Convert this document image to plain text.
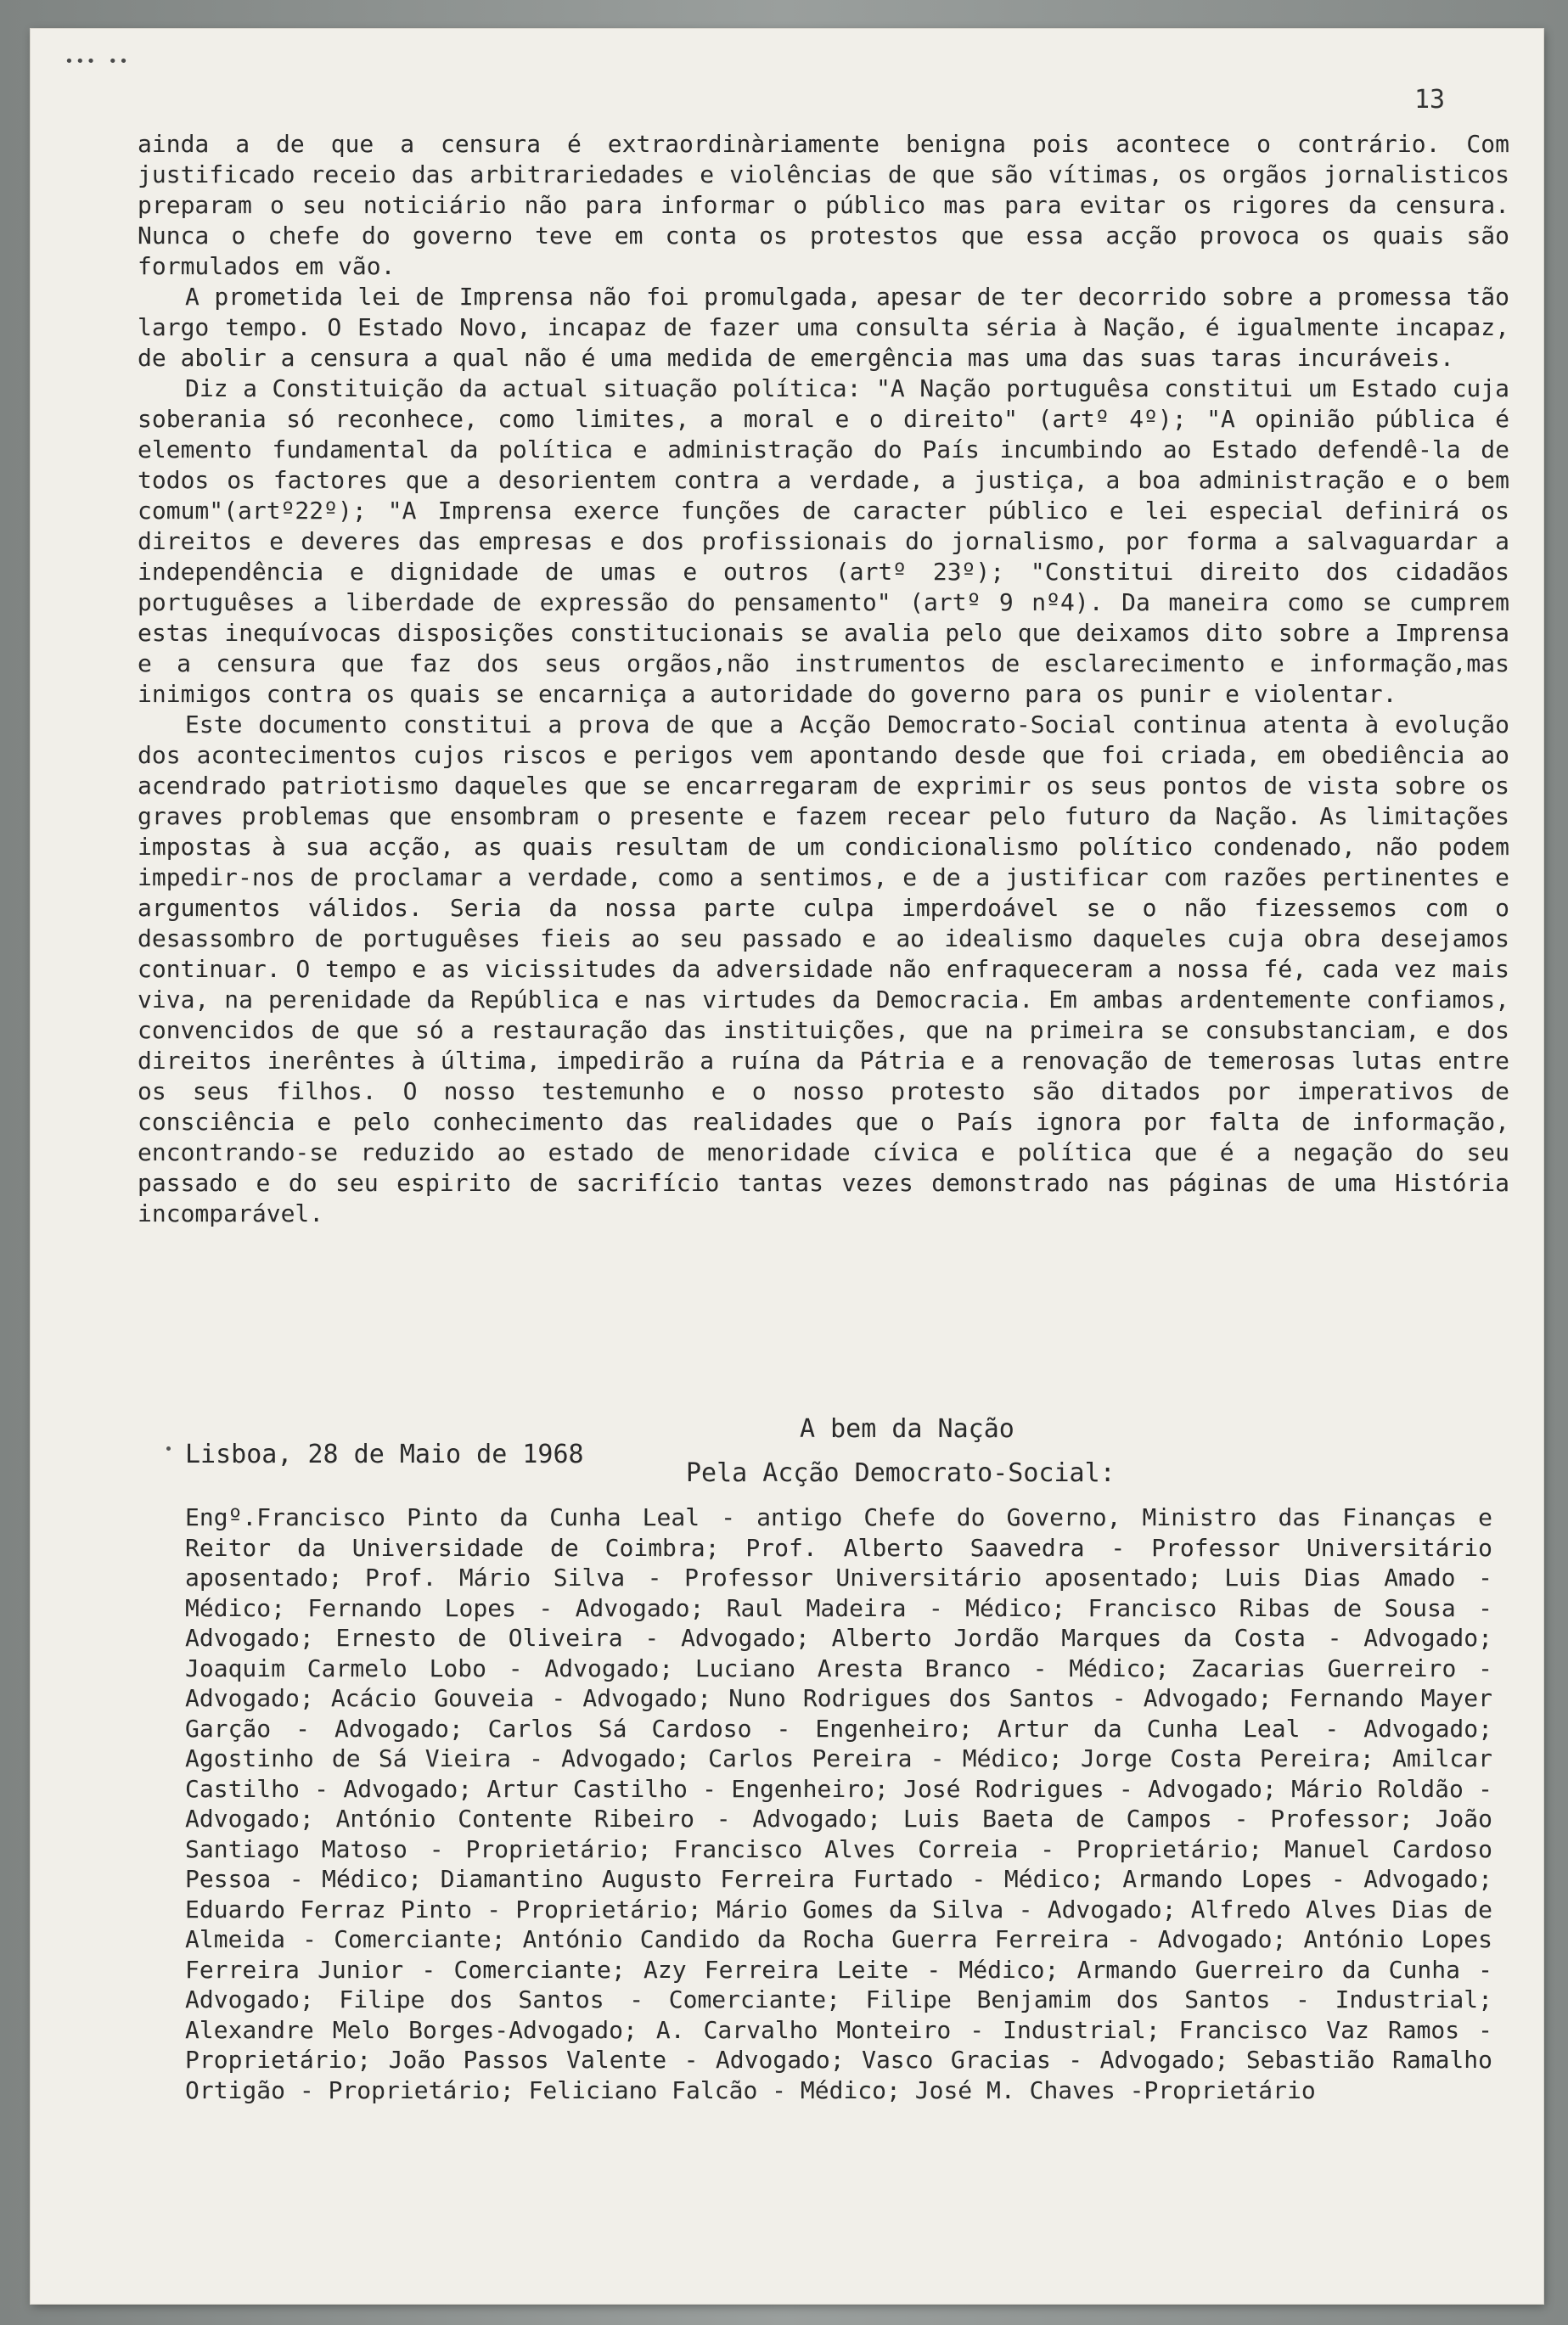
••• ••
13

ainda a de que a censura é extraordinàriamente benigna pois acontece o contrário. Com justificado receio das arbitrariedades e violências de que são vítimas, os orgãos jornalisticos preparam o seu noticiário não para informar o público mas para evitar os rigores da censura. Nunca o chefe do governo teve em conta os protestos que essa acção provoca os quais são formulados em vão.

A prometida lei de Imprensa não foi promulgada, apesar de ter decorrido sobre a promessa tão largo tempo. O Estado Novo, incapaz de fazer uma consulta séria à Nação, é igualmente incapaz, de abolir a censura a qual não é uma medida de emergência mas uma das suas taras incuráveis.

Diz a Constituição da actual situação política: "A Nação portuguêsa constitui um Estado cuja soberania só reconhece, como limites, a moral e o direito" (artº 4º); "A opinião pública é elemento fundamental da política e administração do País incumbindo ao Estado defendê-la de todos os factores que a desorientem contra a verdade, a justiça, a boa administração e o bem comum"(artº22º); "A Imprensa exerce funções de caracter público e lei especial definirá os direitos e deveres das empresas e dos profissionais do jornalismo, por forma a salvaguardar a independência e dignidade de umas e outros (artº 23º); "Constitui direito dos cidadãos portuguêses a liberdade de expressão do pensamento" (artº 9 nº4). Da maneira como se cumprem estas inequívocas disposições constitucionais se avalia pelo que deixamos dito sobre a Imprensa e a censura que faz dos seus orgãos,não instrumentos de esclarecimento e informação,mas inimigos contra os quais se encarniça a autoridade do governo para os punir e violentar.

Este documento constitui a prova de que a Acção Democrato-Social continua atenta à evolução dos acontecimentos cujos riscos e perigos vem apontando desde que foi criada, em obediência ao acendrado patriotismo daqueles que se encarregaram de exprimir os seus pontos de vista sobre os graves problemas que ensombram o presente e fazem recear pelo futuro da Nação. As limitações impostas à sua acção, as quais resultam de um condicionalismo político condenado, não podem impedir-nos de proclamar a verdade, como a sentimos, e de a justificar com razões pertinentes e argumentos válidos. Seria da nossa parte culpa imperdoável se o não fizessemos com o desassombro de portuguêses fieis ao seu passado e ao idealismo daqueles cuja obra desejamos continuar. O tempo e as vicissitudes da adversidade não enfraqueceram a nossa fé, cada vez mais viva, na perenidade da República e nas virtudes da Democracia. Em ambas ardentemente confiamos, convencidos de que só a restauração das instituições, que na primeira se consubstanciam, e dos direitos inerêntes à última, impedirão a ruína da Pátria e a renovação de temerosas lutas entre os seus filhos. O nosso testemunho e o nosso protesto são ditados por imperativos de consciência e pelo conhecimento das realidades que o País ignora por falta de informação, encontrando-se reduzido ao estado de menoridade cívica e política que é a negação do seu passado e do seu espirito de sacrifício tantas vezes demonstrado nas páginas de uma História incomparável.

A bem da Nação
Lisboa, 28 de Maio de 1968
Pela Acção Democrato-Social:
Engº.Francisco Pinto da Cunha Leal - antigo Chefe do Governo, Ministro das Finanças e Reitor da Universidade de Coimbra; Prof. Alberto Saavedra - Professor Universitário aposentado; Prof. Mário Silva - Professor Universitário aposentado; Luis Dias Amado - Médico; Fernando Lopes - Advogado; Raul Madeira - Médico; Francisco Ribas de Sousa - Advogado; Ernesto de Oliveira - Advogado; Alberto Jordão Marques da Costa - Advogado; Joaquim Carmelo Lobo - Advogado; Luciano Aresta Branco - Médico; Zacarias Guerreiro - Advogado; Acácio Gouveia - Advogado; Nuno Rodrigues dos Santos - Advogado; Fernando Mayer Garção - Advogado; Carlos Sá Cardoso - Engenheiro; Artur da Cunha Leal - Advogado; Agostinho de Sá Vieira - Advogado; Carlos Pereira - Médico; Jorge Costa Pereira; Amilcar Castilho - Advogado; Artur Castilho - Engenheiro; José Rodrigues - Advogado; Mário Roldão - Advogado; António Contente Ribeiro - Advogado; Luis Baeta de Campos - Professor; João Santiago Matoso - Proprietário; Francisco Alves Correia - Proprietário; Manuel Cardoso Pessoa - Médico; Diamantino Augusto Ferreira Furtado - Médico; Armando Lopes - Advogado; Eduardo Ferraz Pinto - Proprietário; Mário Gomes da Silva - Advogado; Alfredo Alves Dias de Almeida - Comerciante; António Candido da Rocha Guerra Ferreira - Advogado; António Lopes Ferreira Junior - Comerciante; Azy Ferreira Leite - Médico; Armando Guerreiro da Cunha - Advogado; Filipe dos Santos - Comerciante; Filipe Benjamim dos Santos - Industrial; Alexandre Melo Borges-Advogado; A. Carvalho Monteiro - Industrial; Francisco Vaz Ramos - Proprietário; João Passos Valente - Advogado; Vasco Gracias - Advogado; Sebastião Ramalho Ortigão - Proprietário; Feliciano Falcão - Médico; José M. Chaves -Proprietário
